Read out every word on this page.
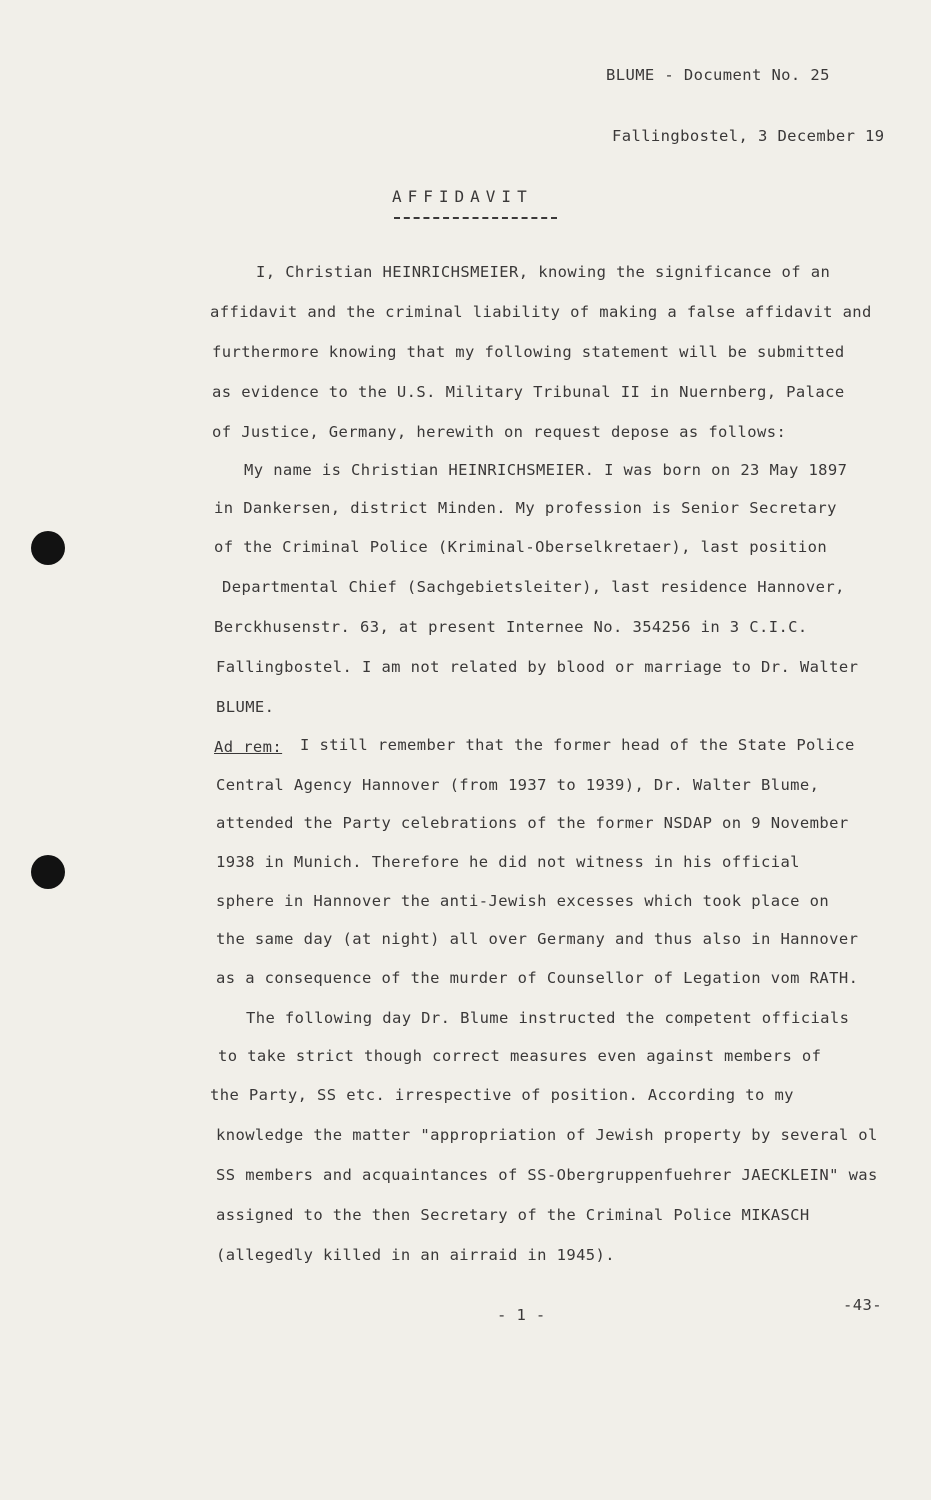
BLUME - Document No. 25
Fallingbostel, 3 December 19
AFFIDAVIT
I, Christian HEINRICHSMEIER, knowing the significance of an
affidavit and the criminal liability of making a false affidavit and
furthermore knowing that my following statement will be submitted
as evidence to the U.S. Military Tribunal II in Nuernberg, Palace
of Justice, Germany, herewith on request depose as follows:
My name is Christian HEINRICHSMEIER. I was born on 23 May 1897
in Dankersen, district Minden. My profession is Senior Secretary
of the Criminal Police (Kriminal-Oberselkretaer), last position
Departmental Chief (Sachgebietsleiter), last residence Hannover,
Berckhusenstr. 63, at present Internee No. 354256 in 3 C.I.C.
Fallingbostel. I am not related by blood or marriage to Dr. Walter
BLUME.
Ad rem: I still remember that the former head of the State Police
Central Agency Hannover (from 1937 to 1939), Dr. Walter Blume,
attended the Party celebrations of the former NSDAP on 9 November
1938 in Munich. Therefore he did not witness in his official
sphere in Hannover the anti-Jewish excesses which took place on
the same day (at night) all over Germany and thus also in Hannover
as a consequence of the murder of Counsellor of Legation vom RATH.
The following day Dr. Blume instructed the competent officials
to take strict though correct measures even against members of
the Party, SS etc. irrespective of position. According to my
knowledge the matter "appropriation of Jewish property by several ol
SS members and acquaintances of SS-Obergruppenfuehrer JAECKLEIN" was
assigned to the then Secretary of the Criminal Police MIKASCH
(allegedly killed in an airraid in 1945).
- 1 -
-43-
